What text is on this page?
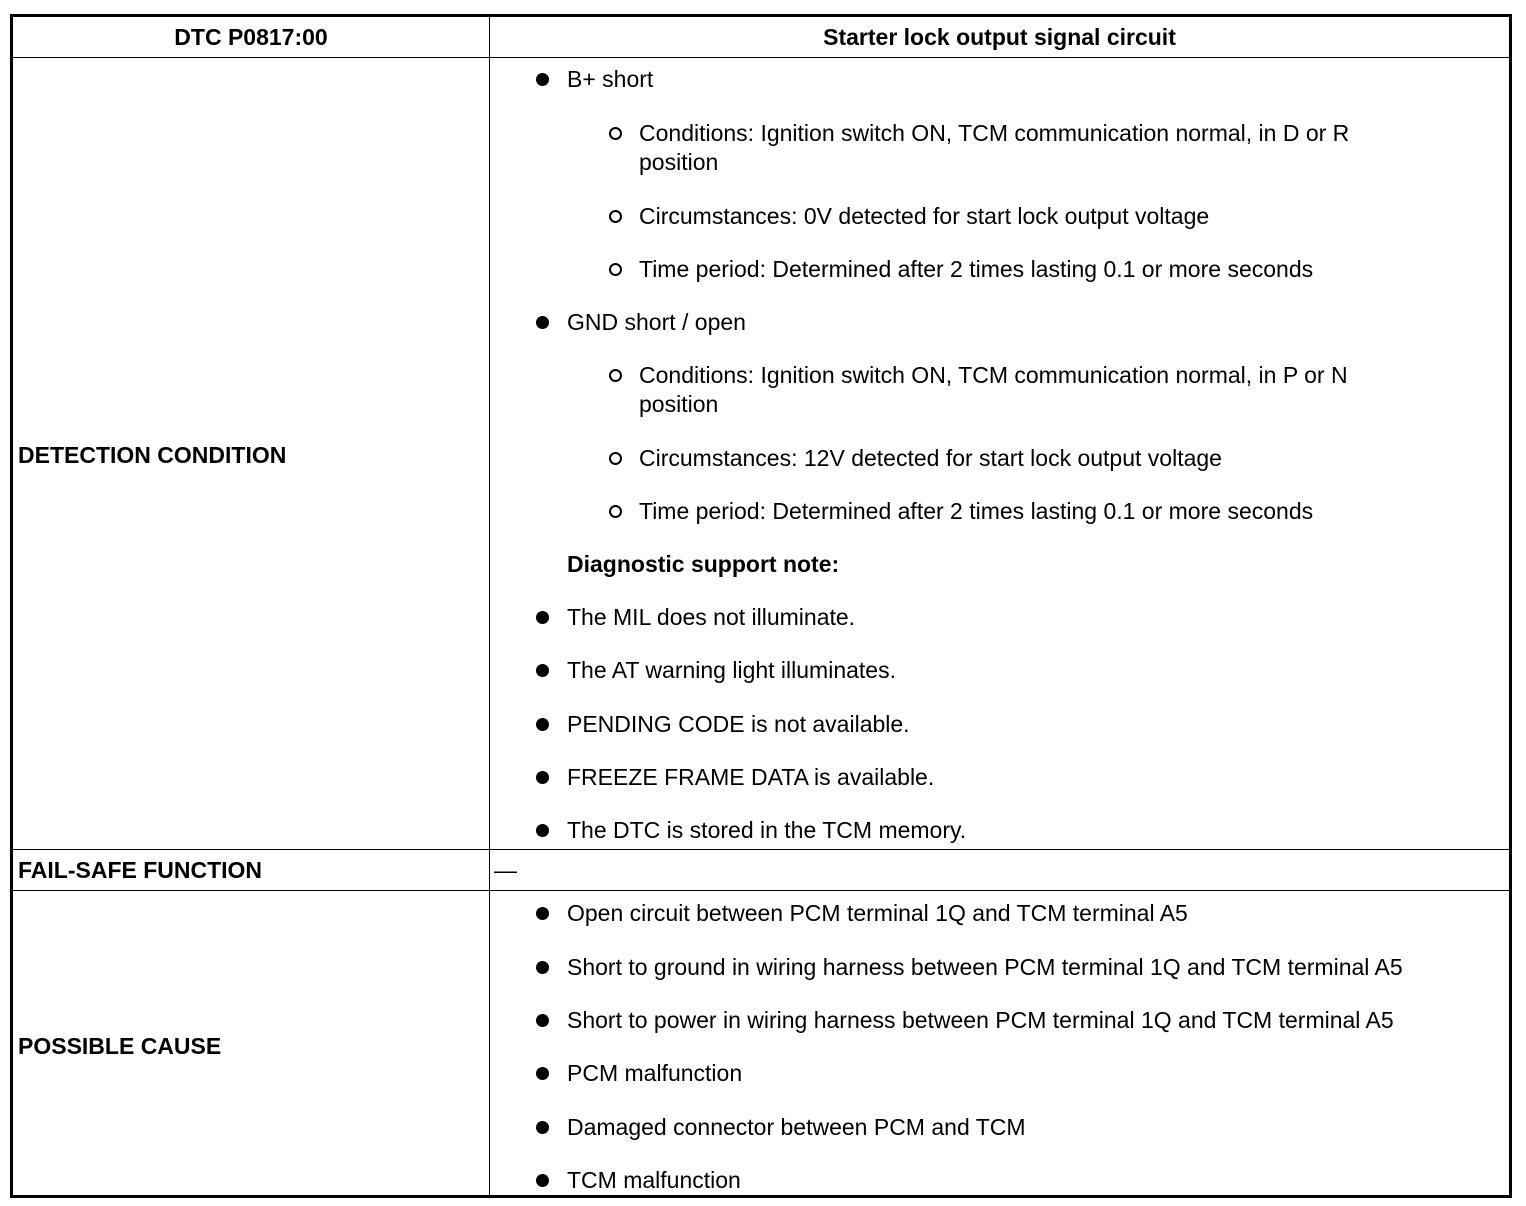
DTC P0817:00	Starter lock output signal circuit
DETECTION CONDITION
B+ short
Conditions: Ignition switch ON, TCM communication normal, in D or R
position
Circumstances: 0V detected for start lock output voltage
Time period: Determined after 2 times lasting 0.1 or more seconds
GND short / open
Conditions: Ignition switch ON, TCM communication normal, in P or N
position
Circumstances: 12V detected for start lock output voltage
Time period: Determined after 2 times lasting 0.1 or more seconds
Diagnostic support note:
The MIL does not illuminate.
The AT warning light illuminates.
PENDING CODE is not available.
FREEZE FRAME DATA is available.
The DTC is stored in the TCM memory.
FAIL-SAFE FUNCTION	—
POSSIBLE CAUSE
Open circuit between PCM terminal 1Q and TCM terminal A5
Short to ground in wiring harness between PCM terminal 1Q and TCM terminal A5
Short to power in wiring harness between PCM terminal 1Q and TCM terminal A5
PCM malfunction
Damaged connector between PCM and TCM
TCM malfunction
